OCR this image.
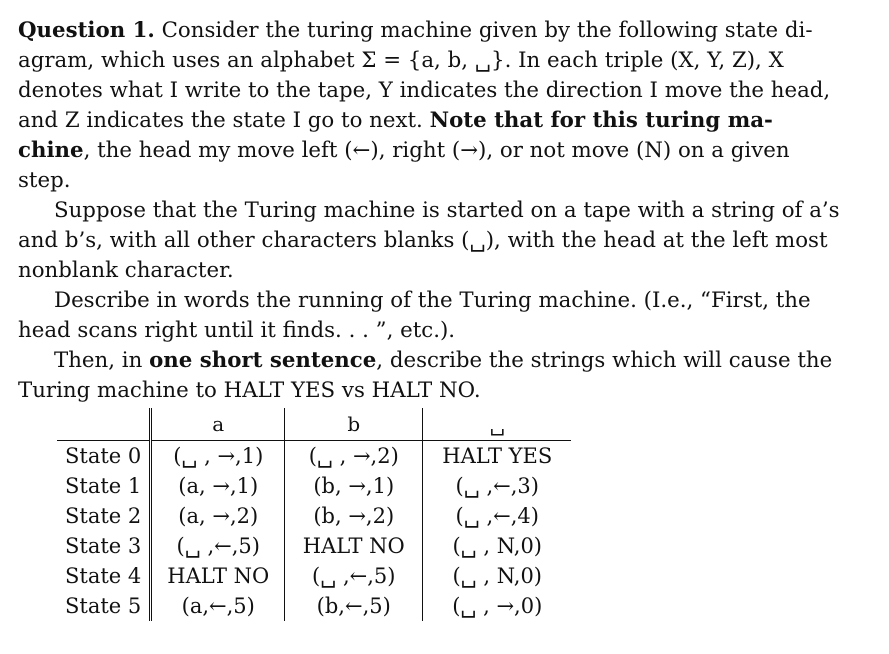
Question 1. Consider the turing machine given by the following state di-
agram, which uses an alphabet Σ = {a, b, ␣}. In each triple (X, Y, Z), X
denotes what I write to the tape, Y indicates the direction I move the head,
and Z indicates the state I go to next. Note that for this turing ma-
chine, the head my move left (←), right (→), or not move (N) on a given
step.
Suppose that the Turing machine is started on a tape with a string of a’s
and b’s, with all other characters blanks (␣), with the head at the left most
nonblank character.
Describe in words the running of the Turing machine. (I.e., “First, the
head scans right until it finds. . . ”, etc.).
Then, in one short sentence, describe the strings which will cause the
Turing machine to HALT YES vs HALT NO.
	a	b	␣
State 0	(␣ , →,1)	(␣ , →,2)	HALT YES
State 1	(a, →,1)	(b, →,1)	(␣ ,←,3)
State 2	(a, →,2)	(b, →,2)	(␣ ,←,4)
State 3	(␣ ,←,5)	HALT NO	(␣ , N,0)
State 4	HALT NO	(␣ ,←,5)	(␣ , N,0)
State 5	(a,←,5)	(b,←,5)	(␣ , →,0)
